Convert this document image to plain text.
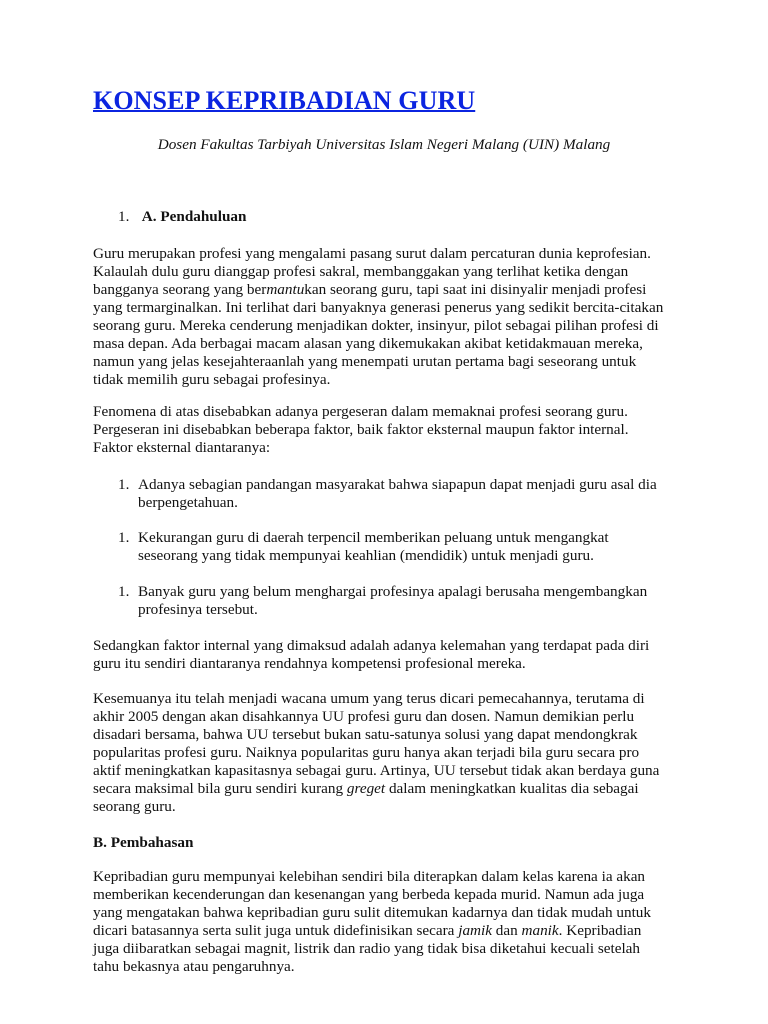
KONSEP KEPRIBADIAN GURU

Dosen Fakultas Tarbiyah Universitas Islam Negeri Malang (UIN) Malang

1. A. Pendahuluan

Guru merupakan profesi yang mengalami pasang surut dalam percaturan dunia keprofesian.
Kalaulah dulu guru dianggap profesi sakral, membanggakan yang terlihat ketika dengan
bangganya seorang yang bermantukan seorang guru, tapi saat ini disinyalir menjadi profesi
yang termarginalkan. Ini terlihat dari banyaknya generasi penerus yang sedikit bercita-citakan
seorang guru. Mereka cenderung menjadikan dokter, insinyur, pilot sebagai pilihan profesi di
masa depan. Ada berbagai macam alasan yang dikemukakan akibat ketidakmauan mereka,
namun yang jelas kesejahteraanlah yang menempati urutan pertama bagi seseorang untuk
tidak memilih guru sebagai profesinya.
Fenomena di atas disebabkan adanya pergeseran dalam memaknai profesi seorang guru.
Pergeseran ini disebabkan beberapa faktor, baik faktor eksternal maupun faktor internal.
Faktor eksternal diantaranya:
1. Adanya sebagian pandangan masyarakat bahwa siapapun dapat menjadi guru asal dia
berpengetahuan.
1. Kekurangan guru di daerah terpencil memberikan peluang untuk mengangkat
seseorang yang tidak mempunyai keahlian (mendidik) untuk menjadi guru.
1. Banyak guru yang belum menghargai profesinya apalagi berusaha mengembangkan
profesinya tersebut.
Sedangkan faktor internal yang dimaksud adalah adanya kelemahan yang terdapat pada diri
guru itu sendiri diantaranya rendahnya kompetensi profesional mereka.
Kesemuanya itu telah menjadi wacana umum yang terus dicari pemecahannya, terutama di
akhir 2005 dengan akan disahkannya UU profesi guru dan dosen. Namun demikian perlu
disadari bersama, bahwa UU tersebut bukan satu-satunya solusi yang dapat mendongkrak
popularitas profesi guru. Naiknya popularitas guru hanya akan terjadi bila guru secara pro
aktif meningkatkan kapasitasnya sebagai guru. Artinya, UU tersebut tidak akan berdaya guna
secara maksimal bila guru sendiri kurang greget dalam meningkatkan kualitas dia sebagai
seorang guru.

B. Pembahasan

Kepribadian guru mempunyai kelebihan sendiri bila diterapkan dalam kelas karena ia akan
memberikan kecenderungan dan kesenangan yang berbeda kepada murid. Namun ada juga
yang mengatakan bahwa kepribadian guru sulit ditemukan kadarnya dan tidak mudah untuk
dicari batasannya serta sulit juga untuk didefinisikan secara jamik dan manik. Kepribadian
juga diibaratkan sebagai magnit, listrik dan radio yang tidak bisa diketahui kecuali setelah
tahu bekasnya atau pengaruhnya.
